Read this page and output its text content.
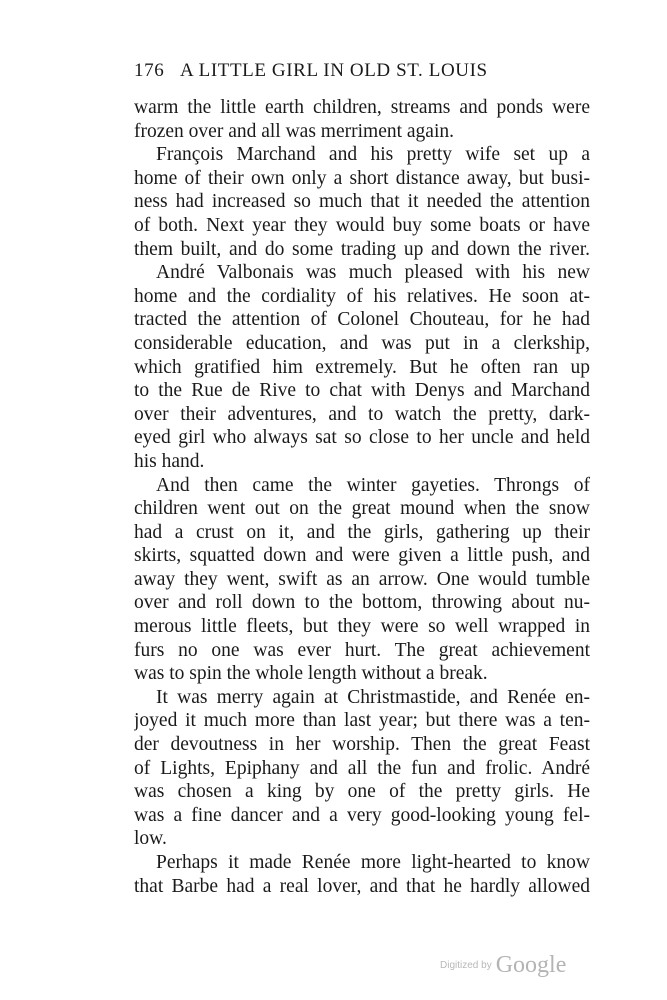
176 A LITTLE GIRL IN OLD ST. LOUIS
warm the little earth children, streams and ponds were
frozen over and all was merriment again.
François Marchand and his pretty wife set up a
home of their own only a short distance away, but busi-
ness had increased so much that it needed the attention
of both. Next year they would buy some boats or have
them built, and do some trading up and down the river.
André Valbonais was much pleased with his new
home and the cordiality of his relatives. He soon at-
tracted the attention of Colonel Chouteau, for he had
considerable education, and was put in a clerkship,
which gratified him extremely. But he often ran up
to the Rue de Rive to chat with Denys and Marchand
over their adventures, and to watch the pretty, dark-
eyed girl who always sat so close to her uncle and held
his hand.
And then came the winter gayeties. Throngs of
children went out on the great mound when the snow
had a crust on it, and the girls, gathering up their
skirts, squatted down and were given a little push, and
away they went, swift as an arrow. One would tumble
over and roll down to the bottom, throwing about nu-
merous little fleets, but they were so well wrapped in
furs no one was ever hurt. The great achievement
was to spin the whole length without a break.
It was merry again at Christmastide, and Renée en-
joyed it much more than last year; but there was a ten-
der devoutness in her worship. Then the great Feast
of Lights, Epiphany and all the fun and frolic. André
was chosen a king by one of the pretty girls. He
was a fine dancer and a very good-looking young fel-
low.
Perhaps it made Renée more light-hearted to know
that Barbe had a real lover, and that he hardly allowed
Digitized by Google
